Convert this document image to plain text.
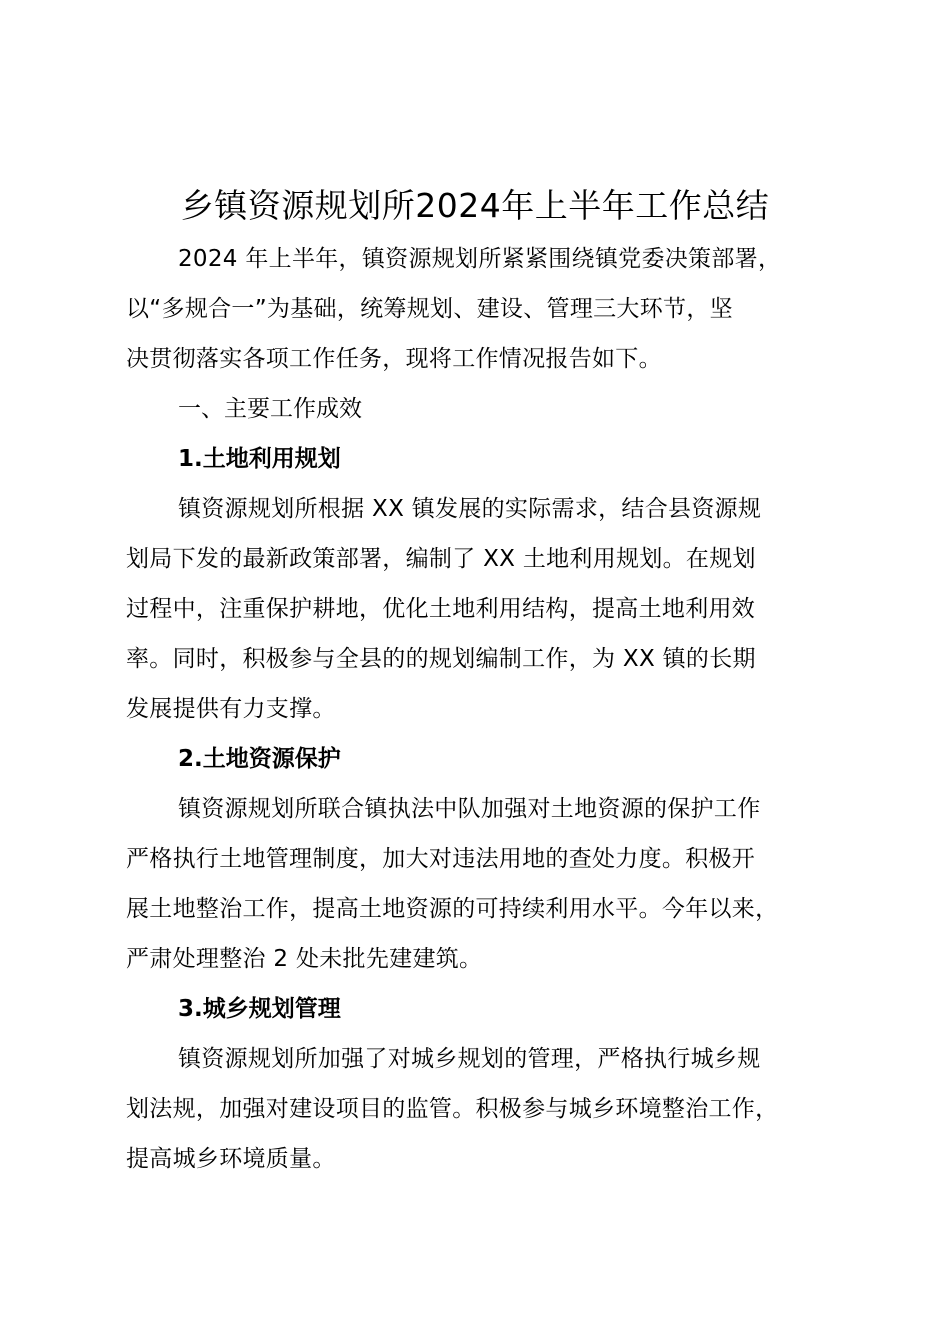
乡镇资源规划所2024年上半年工作总结

2024 年上半年，镇资源规划所紧紧围绕镇党委决策部署，
以“多规合一”为基础，统筹规划、建设、管理三大环节，坚
决贯彻落实各项工作任务，现将工作情况报告如下。

一、主要工作成效

1.土地利用规划

镇资源规划所根据 XX 镇发展的实际需求，结合县资源规
划局下发的最新政策部署，编制了 XX 土地利用规划。在规划
过程中，注重保护耕地，优化土地利用结构，提高土地利用效
率。同时，积极参与全县的的规划编制工作，为 XX 镇的长期
发展提供有力支撑。

2.土地资源保护

镇资源规划所联合镇执法中队加强对土地资源的保护工作
严格执行土地管理制度，加大对违法用地的查处力度。积极开
展土地整治工作，提高土地资源的可持续利用水平。今年以来，
严肃处理整治 2 处未批先建建筑。

3.城乡规划管理

镇资源规划所加强了对城乡规划的管理，严格执行城乡规
划法规，加强对建设项目的监管。积极参与城乡环境整治工作，
提高城乡环境质量。
